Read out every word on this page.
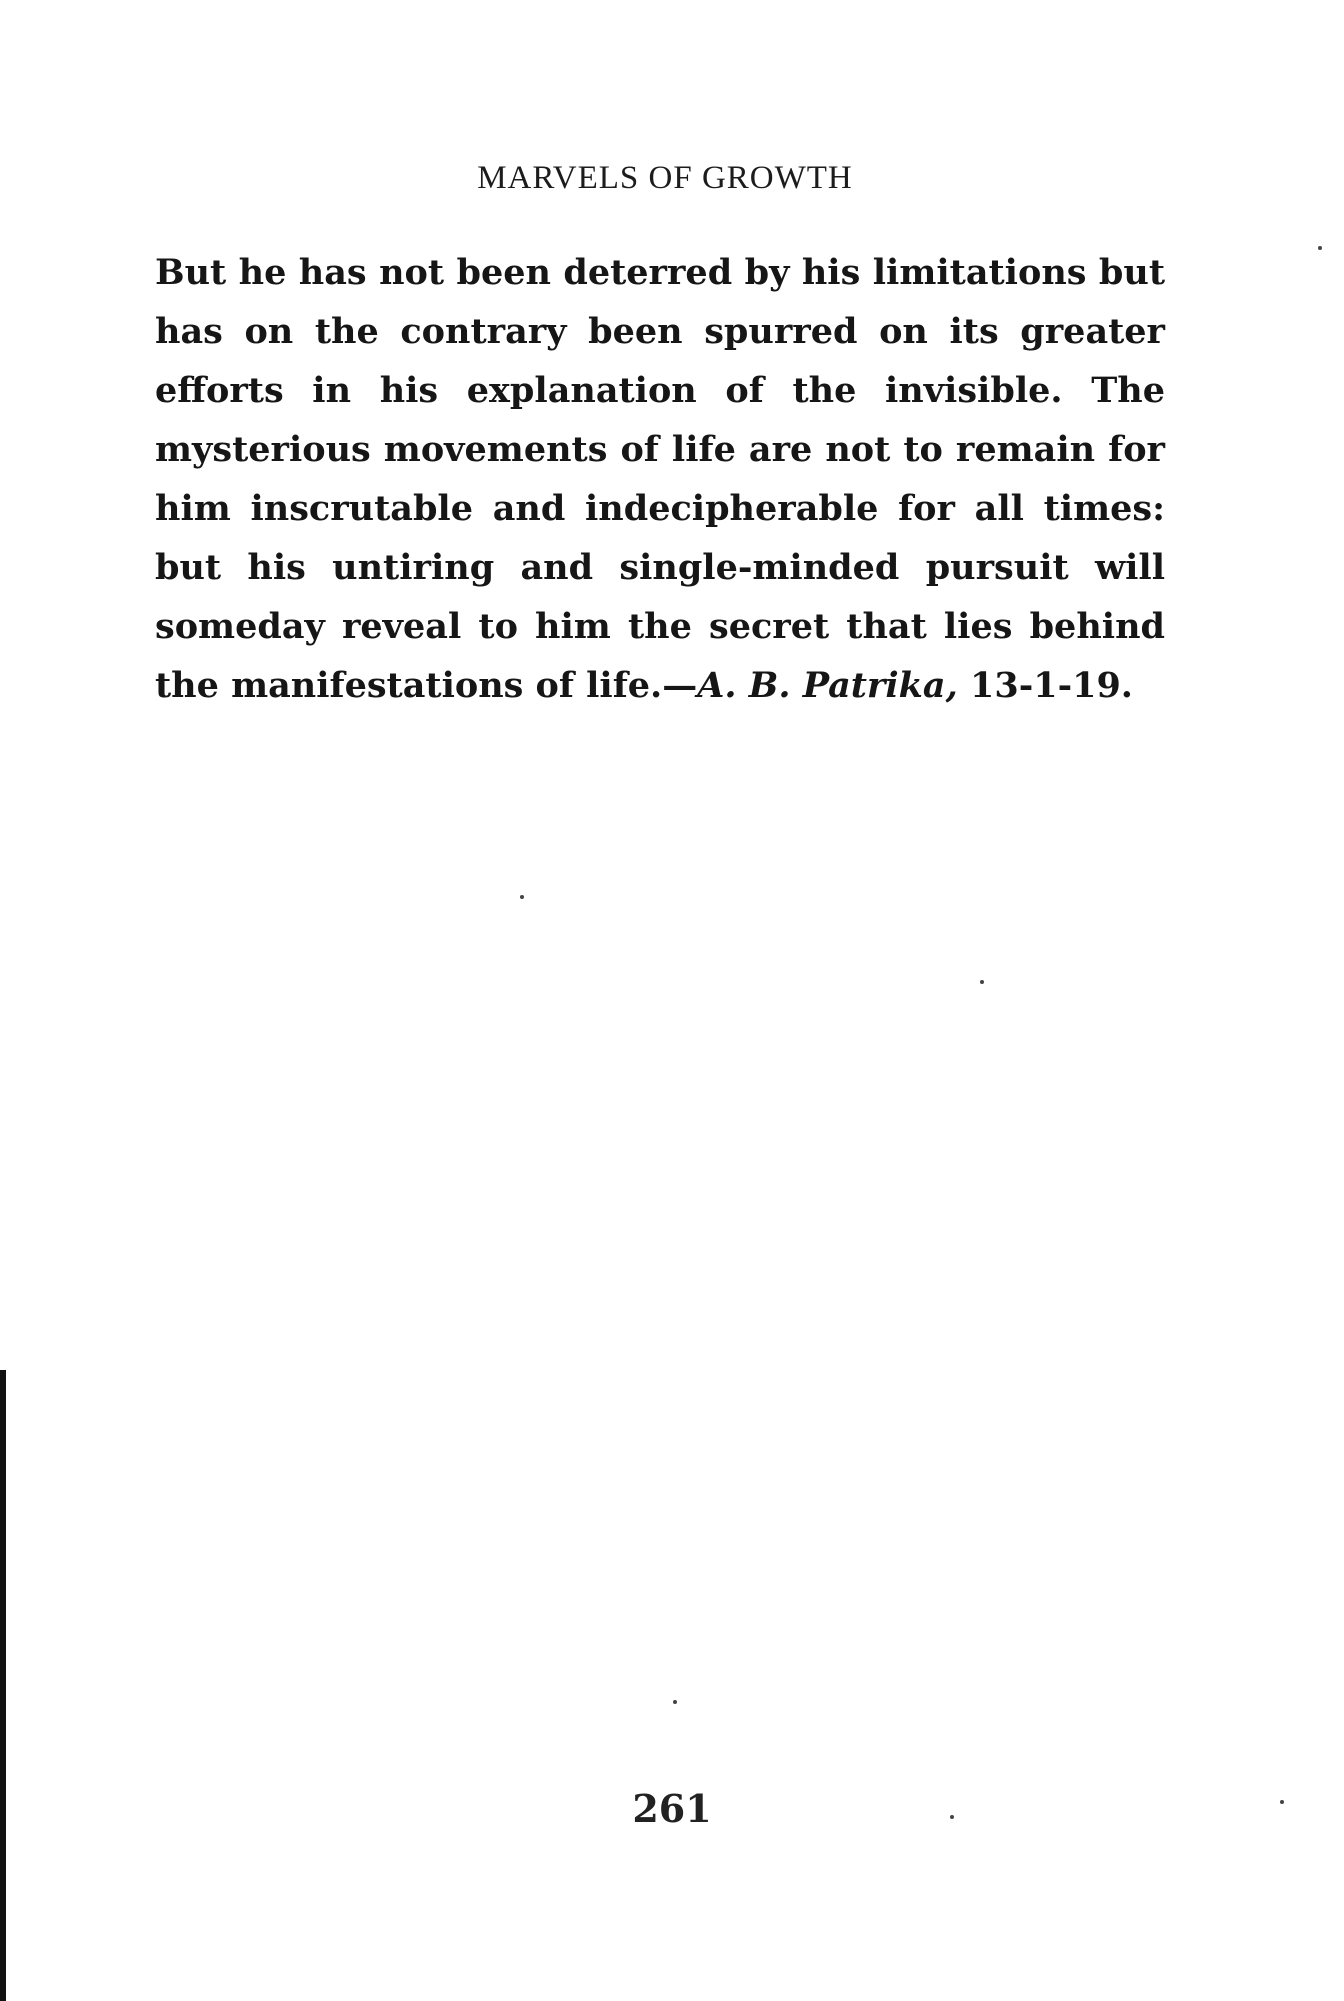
MARVELS OF GROWTH
But he has not been deterred by his limitations but
has on the contrary been spurred on its greater
efforts in his explanation of the invisible. The
mysterious movements of life are not to remain for
him inscrutable and indecipherable for all times:
but his untiring and single-minded pursuit will
someday reveal to him the secret that lies behind
the manifestations of life.—A. B. Patrika, 13-1-19.
261
